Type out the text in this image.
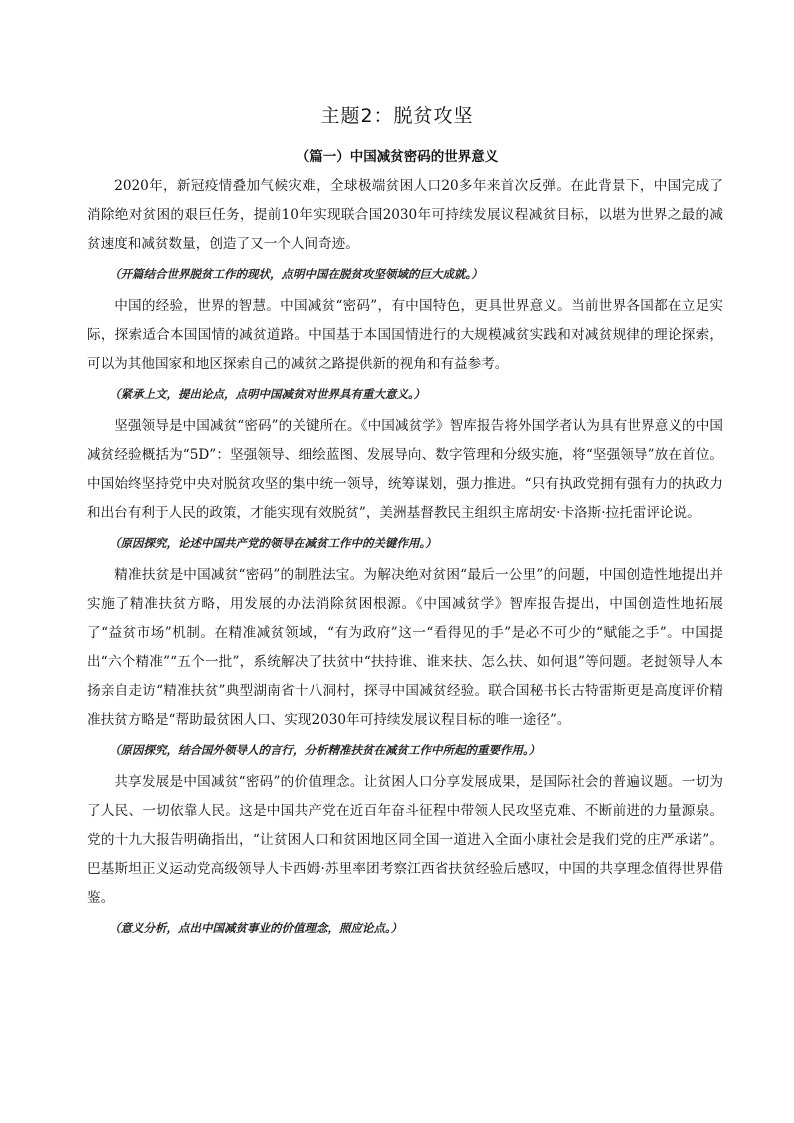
主题2：脱贫攻坚
（篇一）中国减贫密码的世界意义

2020年，新冠疫情叠加气候灾难，全球极端贫困人口20多年来首次反弹。在此背景下，中国完成了消除绝对贫困的艰巨任务，提前10年实现联合国2030年可持续发展议程减贫目标，以堪为世界之最的减贫速度和减贫数量，创造了又一个人间奇迹。

（开篇结合世界脱贫工作的现状，点明中国在脱贫攻坚领域的巨大成就。）

中国的经验，世界的智慧。中国减贫“密码”，有中国特色，更具世界意义。当前世界各国都在立足实际，探索适合本国国情的减贫道路。中国基于本国国情进行的大规模减贫实践和对减贫规律的理论探索，可以为其他国家和地区探索自己的减贫之路提供新的视角和有益参考。

（紧承上文，提出论点，点明中国减贫对世界具有重大意义。）

坚强领导是中国减贫“密码”的关键所在。《中国减贫学》智库报告将外国学者认为具有世界意义的中国减贫经验概括为“5D”：坚强领导、细绘蓝图、发展导向、数字管理和分级实施，将“坚强领导”放在首位。中国始终坚持党中央对脱贫攻坚的集中统一领导，统筹谋划，强力推进。“只有执政党拥有强有力的执政力和出台有利于人民的政策，才能实现有效脱贫”，美洲基督教民主组织主席胡安·卡洛斯·拉托雷评论说。

（原因探究，论述中国共产党的领导在减贫工作中的关键作用。）

精准扶贫是中国减贫“密码”的制胜法宝。为解决绝对贫困“最后一公里”的问题，中国创造性地提出并实施了精准扶贫方略，用发展的办法消除贫困根源。《中国减贫学》智库报告提出，中国创造性地拓展了“益贫市场”机制。在精准减贫领域，“有为政府”这一“看得见的手”是必不可少的“赋能之手”。中国提出“六个精准”“五个一批”，系统解决了扶贫中“扶持谁、谁来扶、怎么扶、如何退”等问题。老挝领导人本扬亲自走访“精准扶贫”典型湖南省十八洞村，探寻中国减贫经验。联合国秘书长古特雷斯更是高度评价精准扶贫方略是“帮助最贫困人口、实现2030年可持续发展议程目标的唯一途径”。

（原因探究，结合国外领导人的言行，分析精准扶贫在减贫工作中所起的重要作用。）

共享发展是中国减贫“密码”的价值理念。让贫困人口分享发展成果，是国际社会的普遍议题。一切为了人民、一切依靠人民。这是中国共产党在近百年奋斗征程中带领人民攻坚克难、不断前进的力量源泉。党的十九大报告明确指出，“让贫困人口和贫困地区同全国一道进入全面小康社会是我们党的庄严承诺”。巴基斯坦正义运动党高级领导人卡西姆·苏里率团考察江西省扶贫经验后感叹，中国的共享理念值得世界借鉴。

（意义分析，点出中国减贫事业的价值理念，照应论点。）
